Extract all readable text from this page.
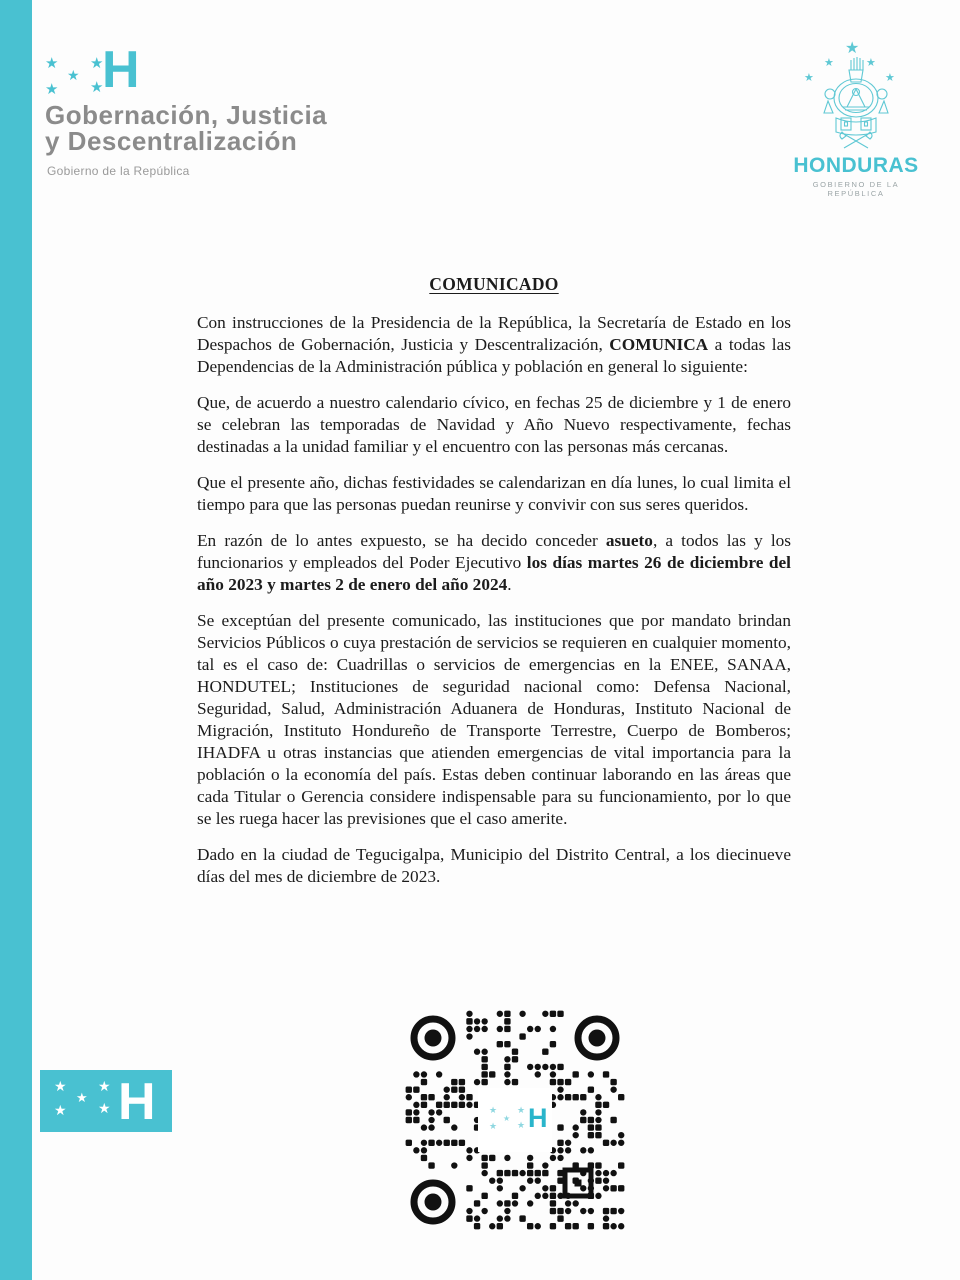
★
★
★
★
★
H
Gobernación, Justicia
y Descentralización
Gobierno de la República
★
★	★
★	★
HONDURAS
GOBIERNO DE LA REPÚBLICA
COMUNICADO

Con instrucciones de la Presidencia de la República, la Secretaría de Estado en los Despachos de Gobernación, Justicia y Descentralización, COMUNICA a todas las Dependencias de la Administración pública y población en general lo siguiente:

Que, de acuerdo a nuestro calendario cívico, en fechas 25 de diciembre y 1 de enero se celebran las temporadas de Navidad y Año Nuevo respectivamente, fechas destinadas a la unidad familiar y el encuentro con las personas más cercanas.

Que el presente año, dichas festividades se calendarizan en día lunes, lo cual limita el tiempo para que las personas puedan reunirse y convivir con sus seres queridos.

En razón de lo antes expuesto, se ha decido conceder asueto, a todos las y los funcionarios y empleados del Poder Ejecutivo los días martes 26 de diciembre del año 2023 y martes 2 de enero del año 2024.

Se exceptúan del presente comunicado, las instituciones que por mandato brindan Servicios Públicos o cuya prestación de servicios se requieren en cualquier momento, tal es el caso de: Cuadrillas o servicios de emergencias en la ENEE, SANAA, HONDUTEL; Instituciones de seguridad nacional como: Defensa Nacional, Seguridad, Salud, Administración Aduanera de Honduras, Instituto Nacional de Migración, Instituto Hondureño de Transporte Terrestre, Cuerpo de Bomberos; IHADFA u otras instancias que atienden emergencias de vital importancia para la población o la economía del país. Estas deben continuar laborando en las áreas que cada Titular o Gerencia considere indispensable para su funcionamiento, por lo que se les ruega hacer las previsiones que el caso amerite.

Dado en la ciudad de Tegucigalpa, Municipio del Distrito Central, a los diecinueve días del mes de diciembre de 2023.

★
★
★
★
★ H
★
★
★
★
★ H
